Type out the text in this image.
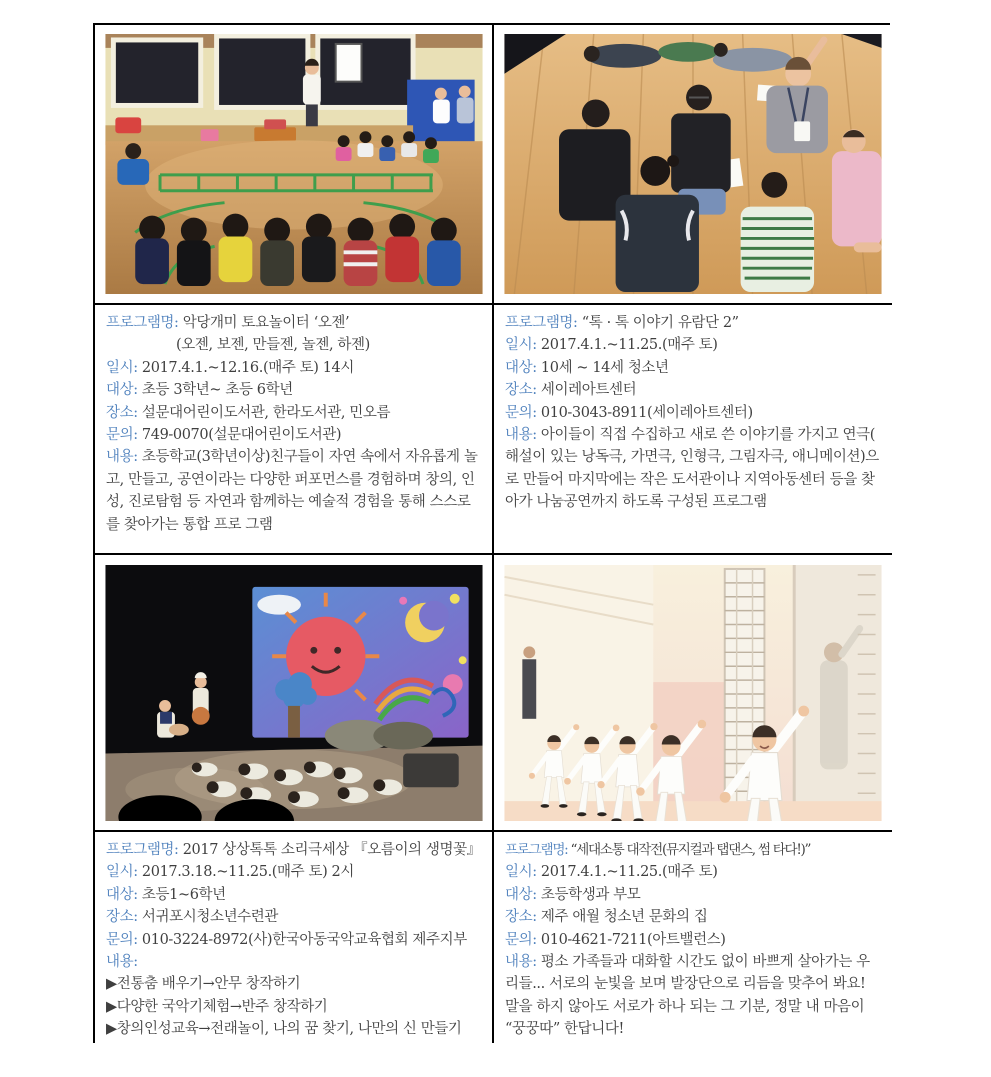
프로그램명: 악당개미 토요놀이터 ‘오젠’
(오젠, 보젠, 만들젠, 놀젠, 하젠)
일시: 2017.4.1.~12.16.(매주 토) 14시
대상: 초등 3학년~ 초등 6학년
장소: 설문대어린이도서관, 한라도서관, 민오름
문의: 749-0070(설문대어린이도서관)
내용: 초등학교(3학년이상)친구들이 자연 속에서 자유롭게 놀고, 만들고, 공연이라는 다양한 퍼포먼스를 경험하며 창의, 인성, 진로탐험 등 자연과 함께하는 예술적 경험을 통해 스스로를 찾아가는 통합 프로 그램
프로그램명: “톡 · 톡 이야기 유람단 2”
일시: 2017.4.1.~11.25.(매주 토)
대상: 10세 ~ 14세 청소년
장소: 세이레아트센터
문의: 010-3043-8911(세이레아트센터)
내용: 아이들이 직접 수집하고 새로 쓴 이야기를 가지고 연극( 해설이 있는 낭독극, 가면극, 인형극, 그림자극, 애니메이션)으로 만들어 마지막에는 작은 도서관이나 지역아동센터 등을 찾아가 나눔공연까지 하도록 구성된 프로그램
프로그램명: 2017 상상톡톡 소리극세상 『오름이의 생명꽃』
일시: 2017.3.18.~11.25.(매주 토) 2시
대상: 초등1~6학년
장소: 서귀포시청소년수련관
문의: 010-3224-8972(사)한국아동국악교육협회 제주지부
내용:
▶전통춤 배우기→안무 창작하기
▶다양한 국악기체험→반주 창작하기
▶창의인성교육→전래놀이, 나의 꿈 찾기, 나만의 신 만들기
프로그램명: “세대소통 대작전(뮤지컬과 탭댄스, 썸 타다!)”
일시: 2017.4.1.~11.25.(매주 토)
대상: 초등학생과 부모
장소: 제주 애월 청소년 문화의 집
문의: 010-4621-7211(아트밸런스)
내용: 평소 가족들과 대화할 시간도 없이 바쁘게 살아가는 우리들... 서로의 눈빛을 보며 발장단으로 리듬을 맞추어 봐요! 말을 하지 않아도 서로가 하나 되는 그 기분, 정말 내 마음이 “꿍꿍따” 한답니다!
